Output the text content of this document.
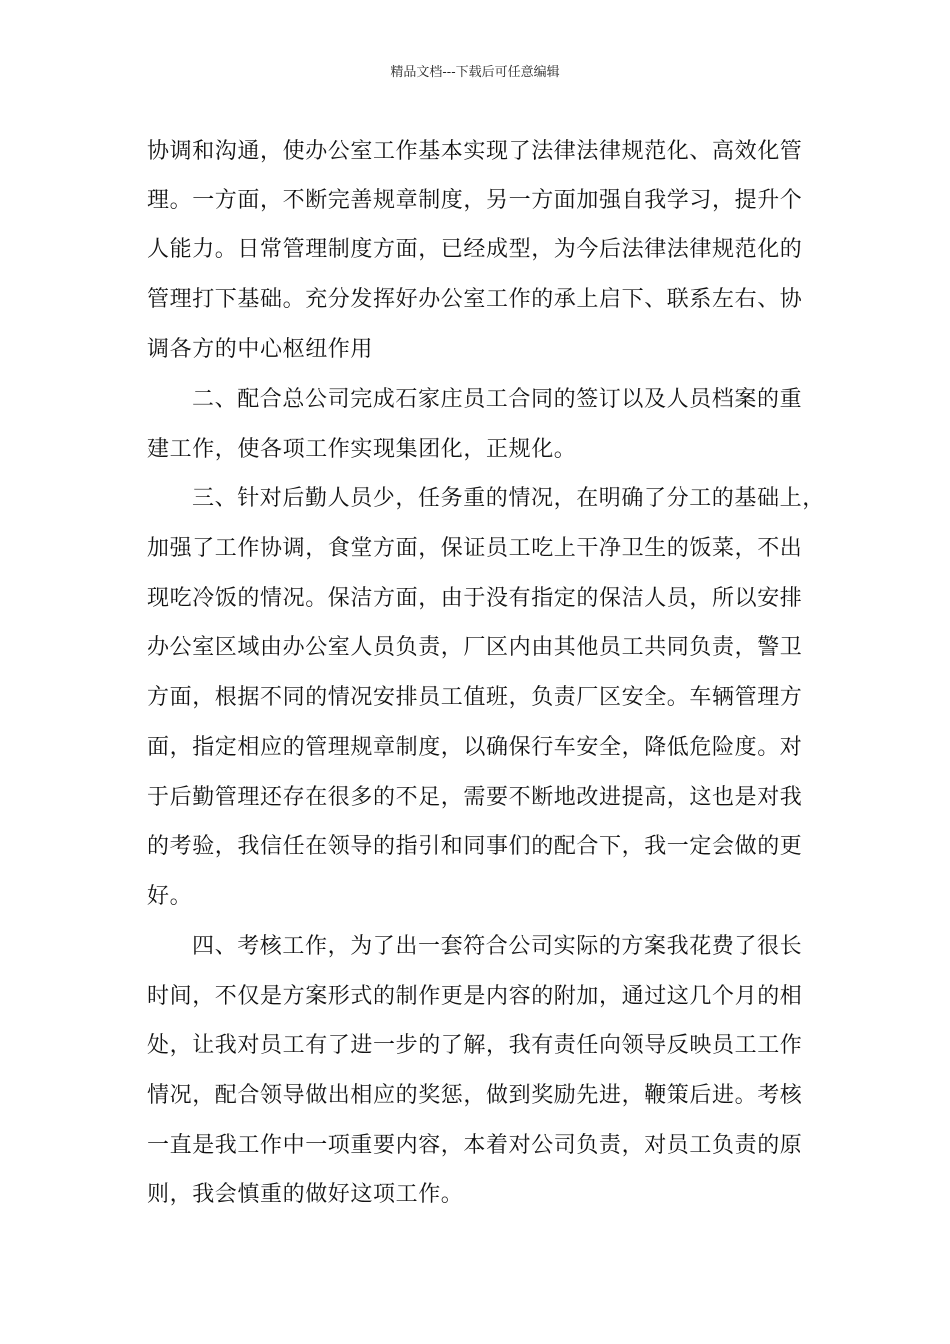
精品文档---下载后可任意编辑
协调和沟通，使办公室工作基本实现了法律法律规范化、高效化管
理。一方面，不断完善规章制度，另一方面加强自我学习，提升个
人能力。日常管理制度方面，已经成型，为今后法律法律规范化的
管理打下基础。充分发挥好办公室工作的承上启下、联系左右、协
调各方的中心枢纽作用
二、配合总公司完成石家庄员工合同的签订以及人员档案的重
建工作，使各项工作实现集团化，正规化。
三、针对后勤人员少，任务重的情况，在明确了分工的基础上，
加强了工作协调，食堂方面，保证员工吃上干净卫生的饭菜，不出
现吃冷饭的情况。保洁方面，由于没有指定的保洁人员，所以安排
办公室区域由办公室人员负责，厂区内由其他员工共同负责，警卫
方面，根据不同的情况安排员工值班，负责厂区安全。车辆管理方
面，指定相应的管理规章制度，以确保行车安全，降低危险度。对
于后勤管理还存在很多的不足，需要不断地改进提高，这也是对我
的考验，我信任在领导的指引和同事们的配合下，我一定会做的更
好。
四、考核工作，为了出一套符合公司实际的方案我花费了很长
时间，不仅是方案形式的制作更是内容的附加，通过这几个月的相
处，让我对员工有了进一步的了解，我有责任向领导反映员工工作
情况，配合领导做出相应的奖惩，做到奖励先进，鞭策后进。考核
一直是我工作中一项重要内容，本着对公司负责，对员工负责的原
则，我会慎重的做好这项工作。
